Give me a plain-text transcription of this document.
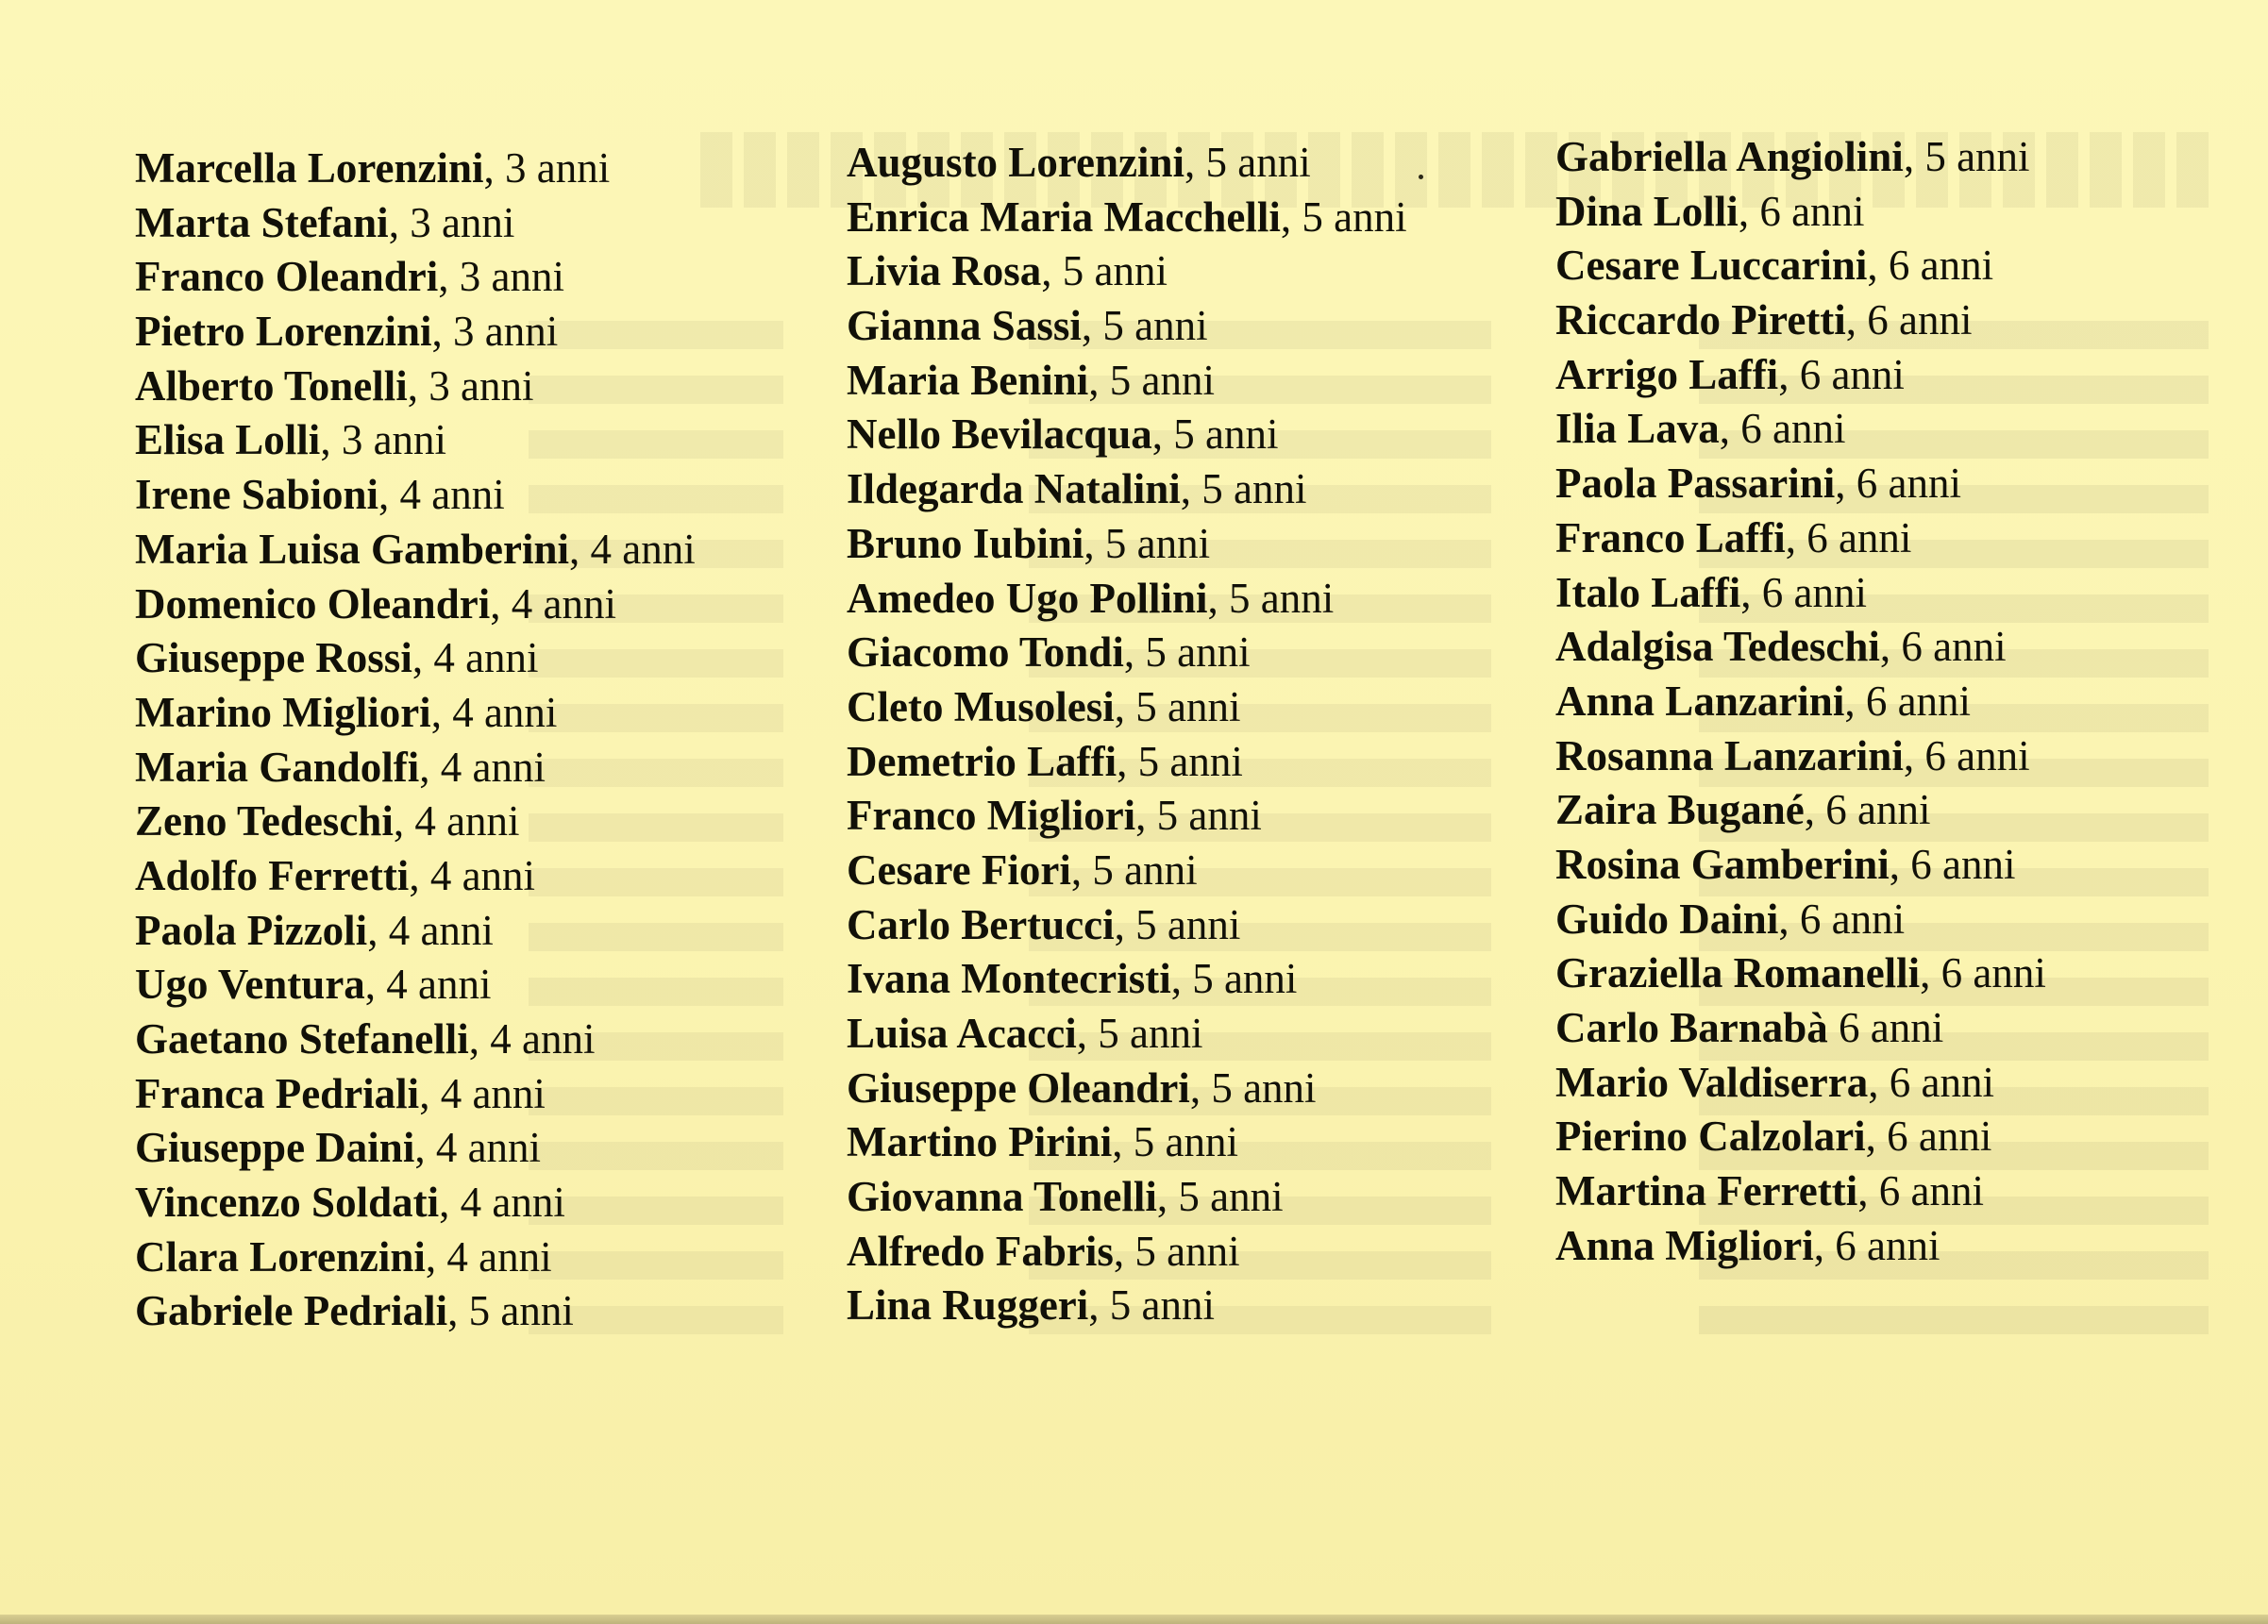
Marcella Lorenzini, 3 anni
Marta Stefani, 3 anni
Franco Oleandri, 3 anni
Pietro Lorenzini, 3 anni
Alberto Tonelli, 3 anni
Elisa Lolli, 3 anni
Irene Sabioni, 4 anni
Maria Luisa Gamberini, 4 anni
Domenico Oleandri, 4 anni
Giuseppe Rossi, 4 anni
Marino Migliori, 4 anni
Maria Gandolfi, 4 anni
Zeno Tedeschi, 4 anni
Adolfo Ferretti, 4 anni
Paola Pizzoli, 4 anni
Ugo Ventura, 4 anni
Gaetano Stefanelli, 4 anni
Franca Pedriali, 4 anni
Giuseppe Daini, 4 anni
Vincenzo Soldati, 4 anni
Clara Lorenzini, 4 anni
Gabriele Pedriali, 5 anni
Augusto Lorenzini, 5 anni
Enrica Maria Macchelli, 5 anni
Livia Rosa, 5 anni
Gianna Sassi, 5 anni
Maria Benini, 5 anni
Nello Bevilacqua, 5 anni
Ildegarda Natalini, 5 anni
Bruno Iubini, 5 anni
Amedeo Ugo Pollini, 5 anni
Giacomo Tondi, 5 anni
Cleto Musolesi, 5 anni
Demetrio Laffi, 5 anni
Franco Migliori, 5 anni
Cesare Fiori, 5 anni
Carlo Bertucci, 5 anni
Ivana Montecristi, 5 anni
Luisa Acacci, 5 anni
Giuseppe Oleandri, 5 anni
Martino Pirini, 5 anni
Giovanna Tonelli, 5 anni
Alfredo Fabris, 5 anni
Lina Ruggeri, 5 anni
Gabriella Angiolini, 5 anni
Dina Lolli, 6 anni
Cesare Luccarini, 6 anni
Riccardo Piretti, 6 anni
Arrigo Laffi, 6 anni
Ilia Lava, 6 anni
Paola Passarini, 6 anni
Franco Laffi, 6 anni
Italo Laffi, 6 anni
Adalgisa Tedeschi, 6 anni
Anna Lanzarini, 6 anni
Rosanna Lanzarini, 6 anni
Zaira Bugané, 6 anni
Rosina Gamberini, 6 anni
Guido Daini, 6 anni
Graziella Romanelli, 6 anni
Carlo Barnabà 6 anni
Mario Valdiserra, 6 anni
Pierino Calzolari, 6 anni
Martina Ferretti, 6 anni
Anna Migliori, 6 anni
